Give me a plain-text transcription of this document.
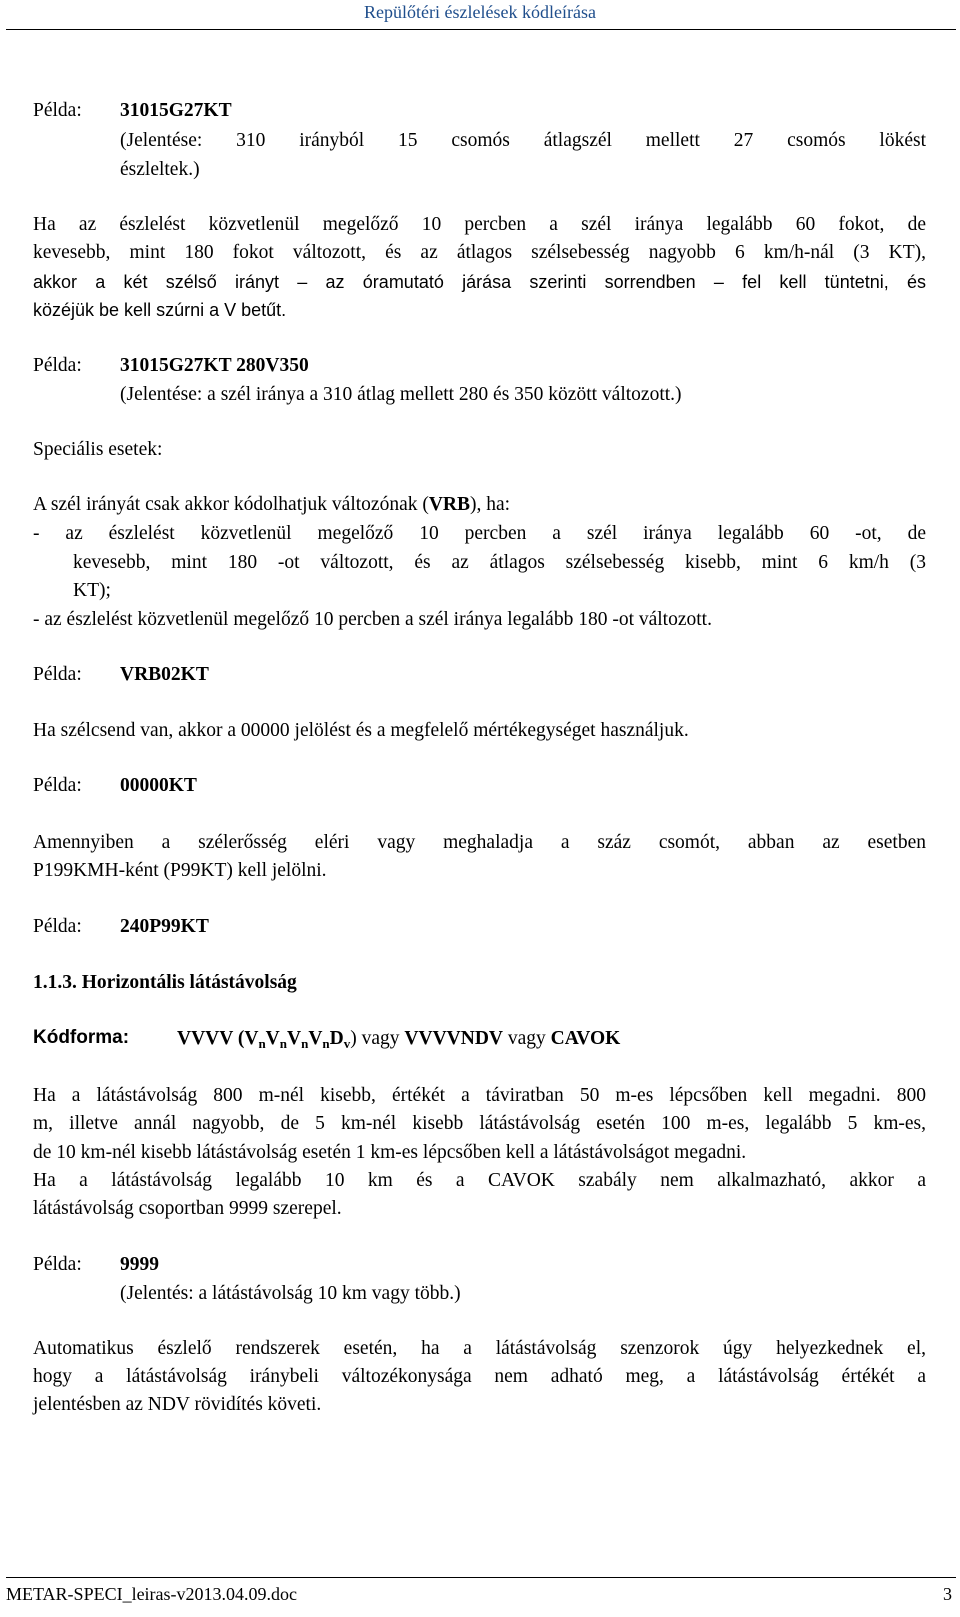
Repülőtéri észlelések kódleírása
Példa: 31015G27KT
(Jelentése: 310 irányból 15 csomós átlagszél mellett 27 csomós lökést
észleltek.)
Ha az észlelést közvetlenül megelőző 10 percben a szél iránya legalább 60 fokot, de
kevesebb, mint 180 fokot változott, és az átlagos szélsebesség nagyobb 6 km/h-nál (3 KT),
akkor a két szélső irányt – az óramutató járása szerinti sorrendben – fel kell tüntetni, és
közéjük be kell szúrni a V betűt.
Példa: 31015G27KT 280V350
(Jelentése: a szél iránya a 310 átlag mellett 280 és 350 között változott.)
Speciális esetek:
A szél irányát csak akkor kódolhatjuk változónak (VRB), ha:
- az észlelést közvetlenül megelőző 10 percben a szél iránya legalább 60 -ot, de
kevesebb, mint 180 -ot változott, és az átlagos szélsebesség kisebb, mint 6 km/h (3
KT);
- az észlelést közvetlenül megelőző 10 percben a szél iránya legalább 180 -ot változott.
Példa: VRB02KT
Ha szélcsend van, akkor a 00000 jelölést és a megfelelő mértékegységet használjuk.
Példa: 00000KT
Amennyiben a szélerősség eléri vagy meghaladja a száz csomót, abban az esetben
P199KMH-ként (P99KT) kell jelölni.
Példa: 240P99KT
1.1.3. Horizontális látástávolság
Kódforma: VVVV $(V_nV_nV_nV_nD_v)$ vagy VVVVNDV vagy CAVOK
Ha a látástávolság 800 m-nél kisebb, értékét a táviratban 50 m-es lépcsőben kell megadni. 800
m, illetve annál nagyobb, de 5 km-nél kisebb látástávolság esetén 100 m-es, legalább 5 km-es,
de 10 km-nél kisebb látástávolság esetén 1 km-es lépcsőben kell a látástávolságot megadni.
Ha a látástávolság legalább 10 km és a CAVOK szabály nem alkalmazható, akkor a
látástávolság csoportban 9999 szerepel.
Példa: 9999
(Jelentés: a látástávolság 10 km vagy több.)
Automatikus észlelő rendszerek esetén, ha a látástávolság szenzorok úgy helyezkednek el,
hogy a látástávolság iránybeli változékonysága nem adható meg, a látástávolság értékét a
jelentésben az NDV rövidítés követi.
METAR-SPECI_leiras-v2013.04.09.doc	3
